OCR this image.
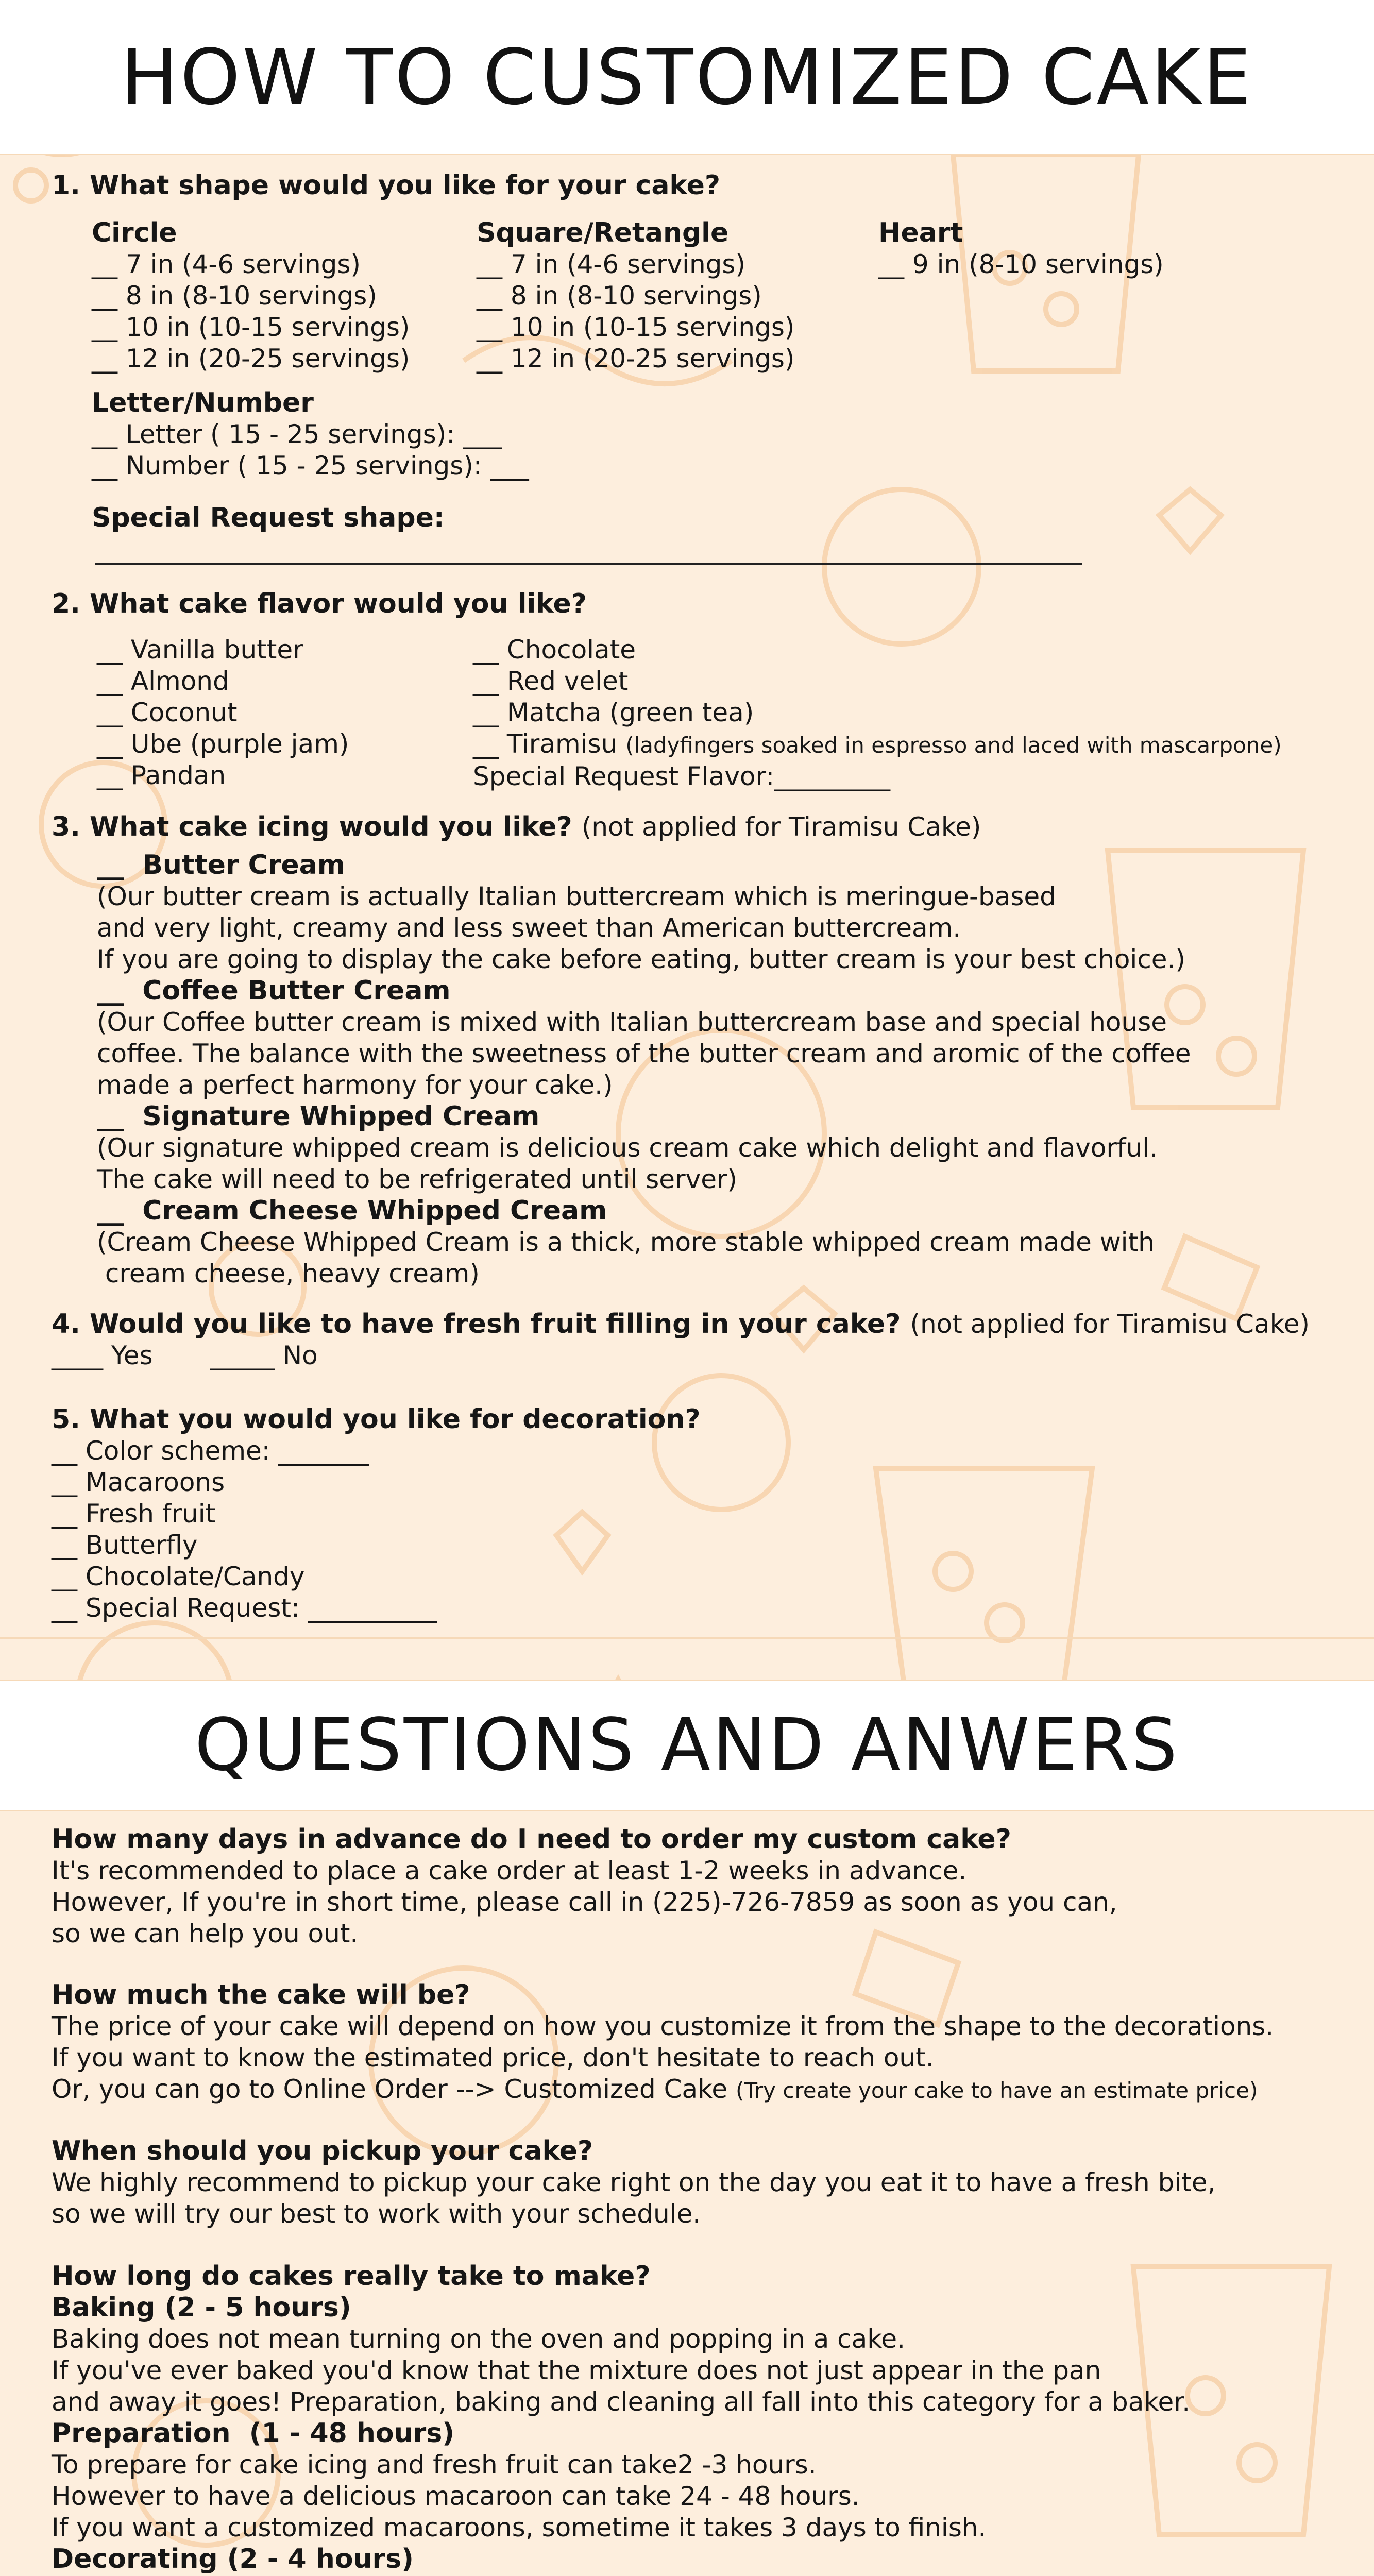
HOW TO CUSTOMIZED CAKE
1. What shape would you like for your cake?
Circle
__ 7 in (4-6 servings)
__ 8 in (8-10 servings)
__ 10 in (10-15 servings)
__ 12 in (20-25 servings)
Square/Retangle
__ 7 in (4-6 servings)
__ 8 in (8-10 servings)
__ 10 in (10-15 servings)
__ 12 in (20-25 servings)
Heart
__ 9 in (8-10 servings)
Letter/Number
__ Letter ( 15 - 25 servings): ___
__ Number ( 15 - 25 servings): ___
Special Request shape:
2. What cake flavor would you like?
__ Vanilla butter
__ Almond
__ Coconut
__ Ube (purple jam)
__ Pandan
__ Chocolate
__ Red velet
__ Matcha (green tea)
__ Tiramisu (ladyfingers soaked in espresso and laced with mascarpone)
Special Request Flavor:_________
3. What cake icing would you like? (not applied for Tiramisu Cake)
__  Butter Cream
(Our butter cream is actually Italian buttercream which is meringue-based
and very light, creamy and less sweet than American buttercream.
If you are going to display the cake before eating, butter cream is your best choice.)
__  Coffee Butter Cream
(Our Coffee butter cream is mixed with Italian buttercream base and special house
coffee. The balance with the sweetness of the butter cream and aromic of the coffee
made a perfect harmony for your cake.)
__  Signature Whipped Cream
(Our signature whipped cream is delicious cream cake which delight and flavorful.
The cake will need to be refrigerated until server)
__  Cream Cheese Whipped Cream
(Cream Cheese Whipped Cream is a thick, more stable whipped cream made with
cream cheese, heavy cream)
4. Would you like to have fresh fruit filling in your cake? (not applied for Tiramisu Cake)
____ Yes       _____ No
5. What you would you like for decoration?
__ Color scheme: _______
__ Macaroons
__ Fresh fruit
__ Butterfly
__ Chocolate/Candy
__ Special Request: __________
QUESTIONS AND ANWERS
How many days in advance do I need to order my custom cake?
It's recommended to place a cake order at least 1-2 weeks in advance.
However, If you're in short time, please call in (225)-726-7859 as soon as you can,
so we can help you out.
How much the cake will be?
The price of your cake will depend on how you customize it from the shape to the decorations.
If you want to know the estimated price, don't hesitate to reach out.
Or, you can go to Online Order --> Customized Cake (Try create your cake to have an estimate price)
When should you pickup your cake?
We highly recommend to pickup your cake right on the day you eat it to have a fresh bite,
so we will try our best to work with your schedule.
How long do cakes really take to make?
Baking (2 - 5 hours)
Baking does not mean turning on the oven and popping in a cake.
If you've ever baked you'd know that the mixture does not just appear in the pan
and away it goes! Preparation, baking and cleaning all fall into this category for a baker.
Preparation  (1 - 48 hours)
To prepare for cake icing and fresh fruit can take2 -3 hours.
However to have a delicious macaroon can take 24 - 48 hours.
If you want a customized macaroons, sometime it takes 3 days to finish.
Decorating (2 - 4 hours)
